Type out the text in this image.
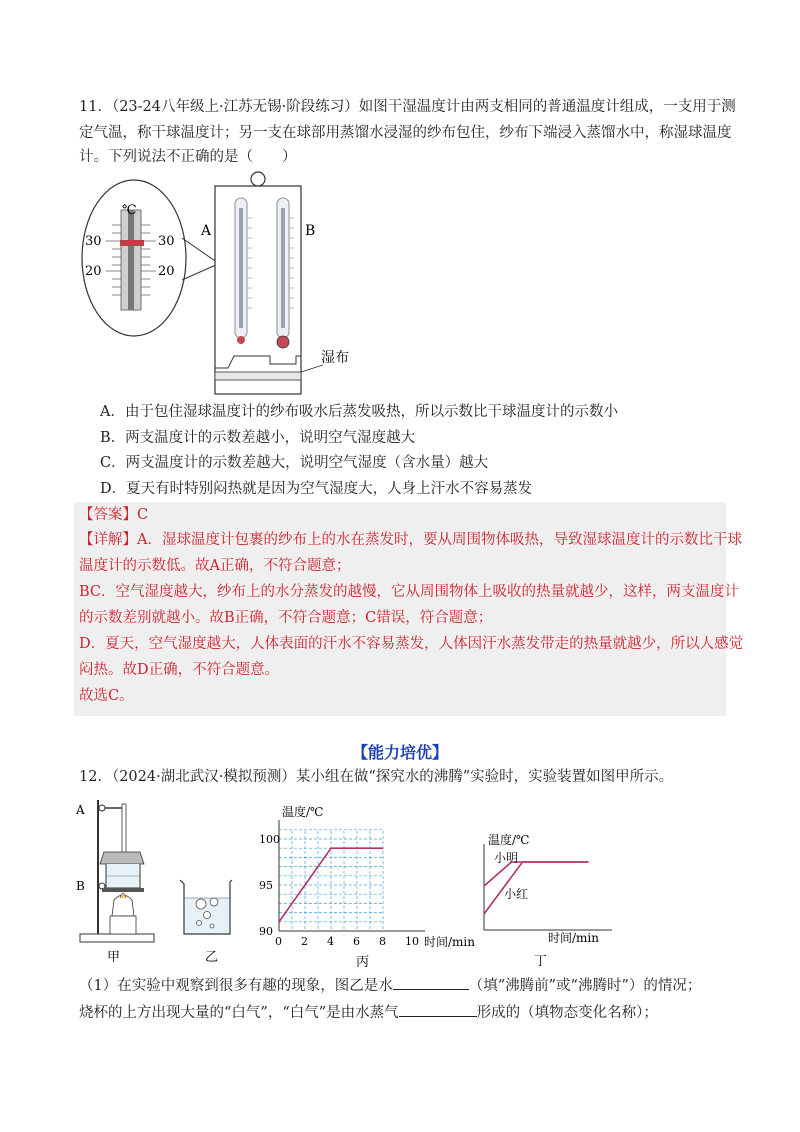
11．（23-24八年级上·江苏无锡·阶段练习）如图干湿温度计由两支相同的普通温度计组成，一支用于测
定气温，称干球温度计；另一支在球部用蒸馏水浸湿的纱布包住，纱布下端浸入蒸馏水中，称湿球温度
计。下列说法不正确的是（　　）
℃
30
20
30
20
A	B
湿布
A．由于包住湿球温度计的纱布吸水后蒸发吸热，所以示数比干球温度计的示数小
B．两支温度计的示数差越小，说明空气湿度越大
C．两支温度计的示数差越大，说明空气湿度（含水量）越大
D．夏天有时特别闷热就是因为空气湿度大，人身上汗水不容易蒸发
【答案】C
【详解】A．湿球温度计包裹的纱布上的水在蒸发时，要从周围物体吸热，导致湿球温度计的示数比干球
温度计的示数低。故A正确，不符合题意；
BC．空气湿度越大，纱布上的水分蒸发的越慢，它从周围物体上吸收的热量就越少，这样，两支温度计
的示数差别就越小。故B正确，不符合题意；C错误，符合题意；
D．夏天，空气湿度越大，人体表面的汗水不容易蒸发，人体因汗水蒸发带走的热量就越少，所以人感觉
闷热。故D正确，不符合题意。
故选C。
【能力培优】
12．（2024·湖北武汉·模拟预测）某小组在做“探究水的沸腾”实验时，实验装置如图甲所示。
A
B
甲	乙
温度/℃
时间/min
丙
0 2 4 6 8 10
90
95
100	温度/℃
时间/min
丁
小明
小红
（1）在实验中观察到很多有趣的现象，图乙是水	（填“沸腾前”或“沸腾时”）的情况；
烧杯的上方出现大量的“白气”，“白气”是由水蒸气	形成的（填物态变化名称）；
